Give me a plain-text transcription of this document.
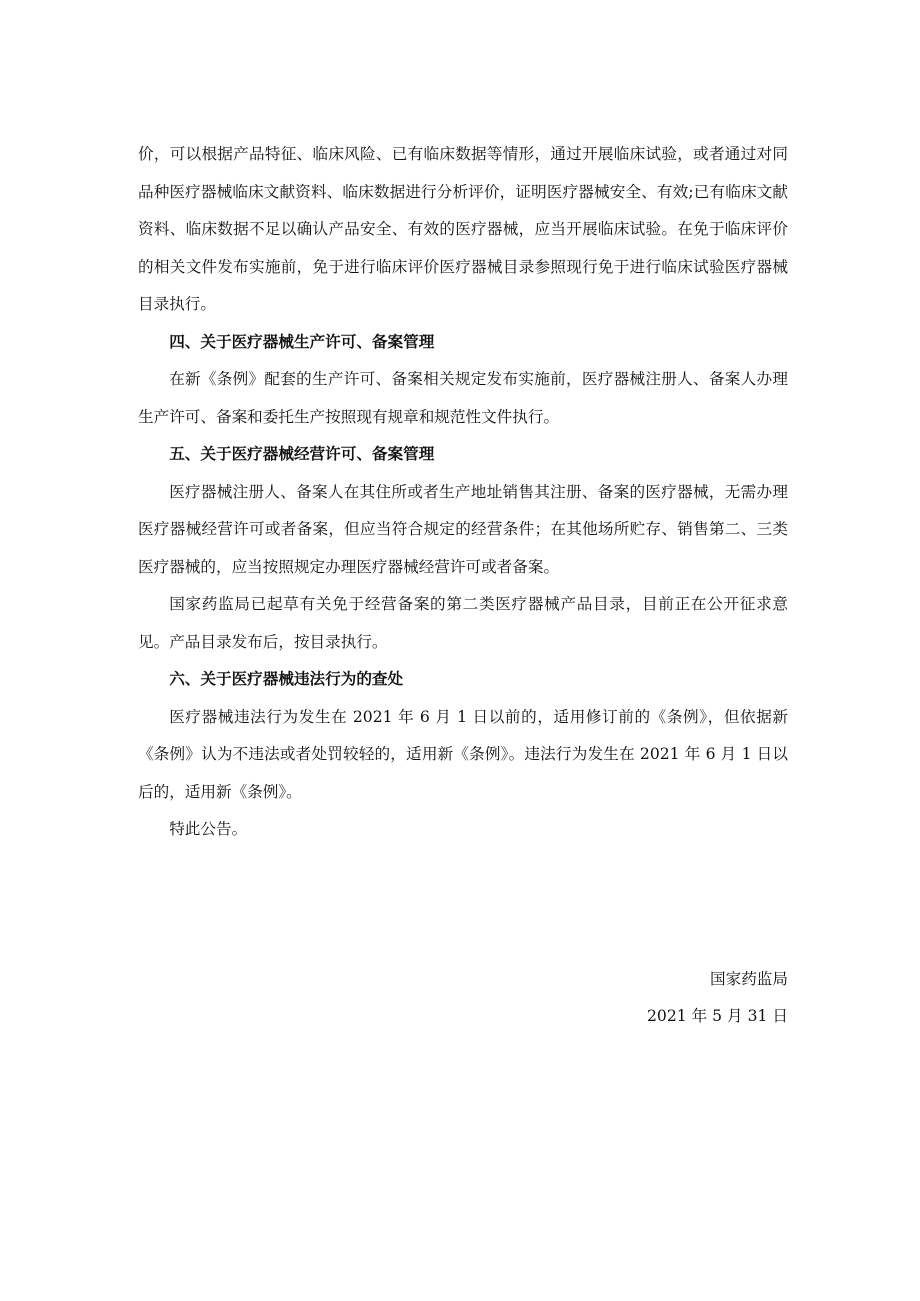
价，可以根据产品特征、临床风险、已有临床数据等情形，通过开展临床试验，或者通过对同品种医疗器械临床文献资料、临床数据进行分析评价，证明医疗器械安全、有效;已有临床文献资料、临床数据不足以确认产品安全、有效的医疗器械，应当开展临床试验。在免于临床评价的相关文件发布实施前，免于进行临床评价医疗器械目录参照现行免于进行临床试验医疗器械目录执行。

四、关于医疗器械生产许可、备案管理

在新《条例》配套的生产许可、备案相关规定发布实施前，医疗器械注册人、备案人办理生产许可、备案和委托生产按照现有规章和规范性文件执行。

五、关于医疗器械经营许可、备案管理

医疗器械注册人、备案人在其住所或者生产地址销售其注册、备案的医疗器械，无需办理医疗器械经营许可或者备案，但应当符合规定的经营条件；在其他场所贮存、销售第二、三类医疗器械的，应当按照规定办理医疗器械经营许可或者备案。

国家药监局已起草有关免于经营备案的第二类医疗器械产品目录，目前正在公开征求意见。产品目录发布后，按目录执行。

六、关于医疗器械违法行为的查处

医疗器械违法行为发生在 2021 年 6 月 1 日以前的，适用修订前的《条例》，但依据新《条例》认为不违法或者处罚较轻的，适用新《条例》。违法行为发生在 2021 年 6 月 1 日以后的，适用新《条例》。

特此公告。

国家药监局

2021 年 5 月 31 日
